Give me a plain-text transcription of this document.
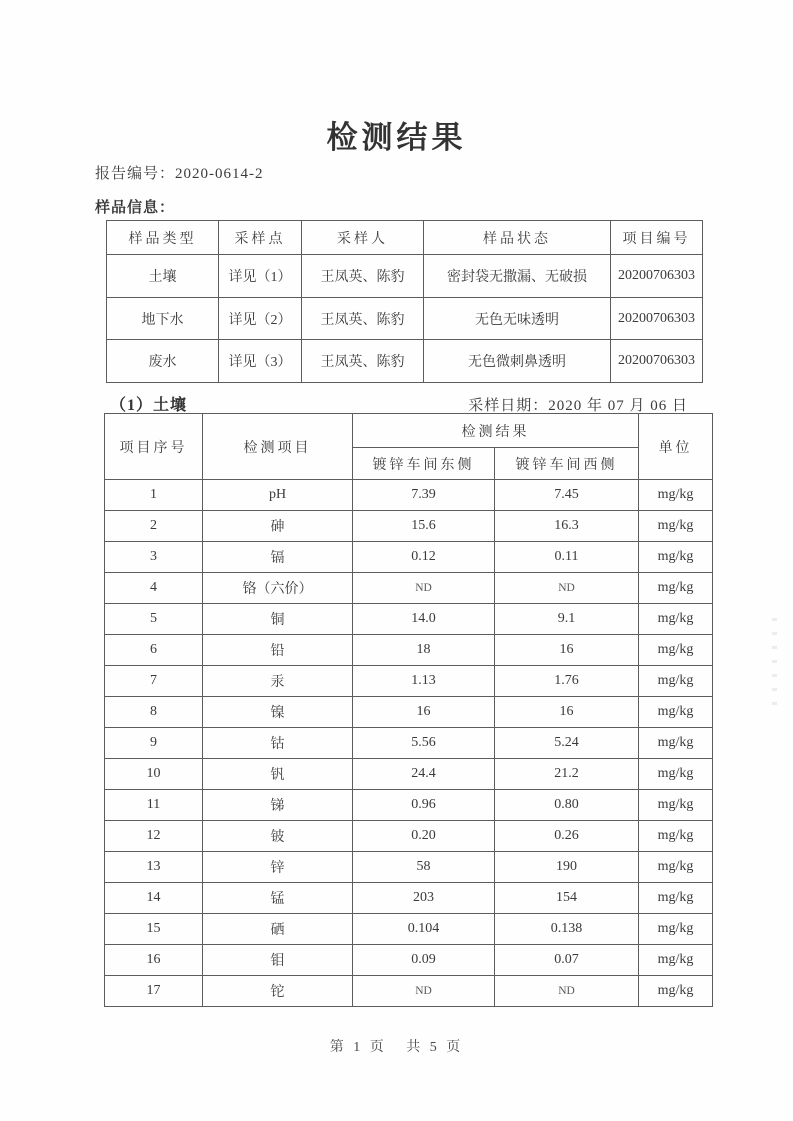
检测结果
报告编号：2020-0614-2
样品信息：
样品类型	采样点	采样人	样品状态	项目编号
土壤	详见（1）	王凤英、陈豹	密封袋无撒漏、无破损	20200706303
地下水	详见（2）	王凤英、陈豹	无色无味透明	20200706303
废水	详见（3）	王凤英、陈豹	无色微刺鼻透明	20200706303
（1）土壤	采样日期：2020 年 07 月 06 日
项目序号	检测项目	检测结果		单位
		镀锌车间东侧	镀锌车间西侧	
1	pH	7.39	7.45	mg/kg
2	砷	15.6	16.3	mg/kg
3	镉	0.12	0.11	mg/kg
4	铬（六价）	ND	ND	mg/kg
5	铜	14.0	9.1	mg/kg
6	铅	18	16	mg/kg
7	汞	1.13	1.76	mg/kg
8	镍	16	16	mg/kg
9	钴	5.56	5.24	mg/kg
10	钒	24.4	21.2	mg/kg
11	锑	0.96	0.80	mg/kg
12	铍	0.20	0.26	mg/kg
13	锌	58	190	mg/kg
14	锰	203	154	mg/kg
15	硒	0.104	0.138	mg/kg
16	钼	0.09	0.07	mg/kg
17	铊	ND	ND	mg/kg
第 1 页   共 5 页
